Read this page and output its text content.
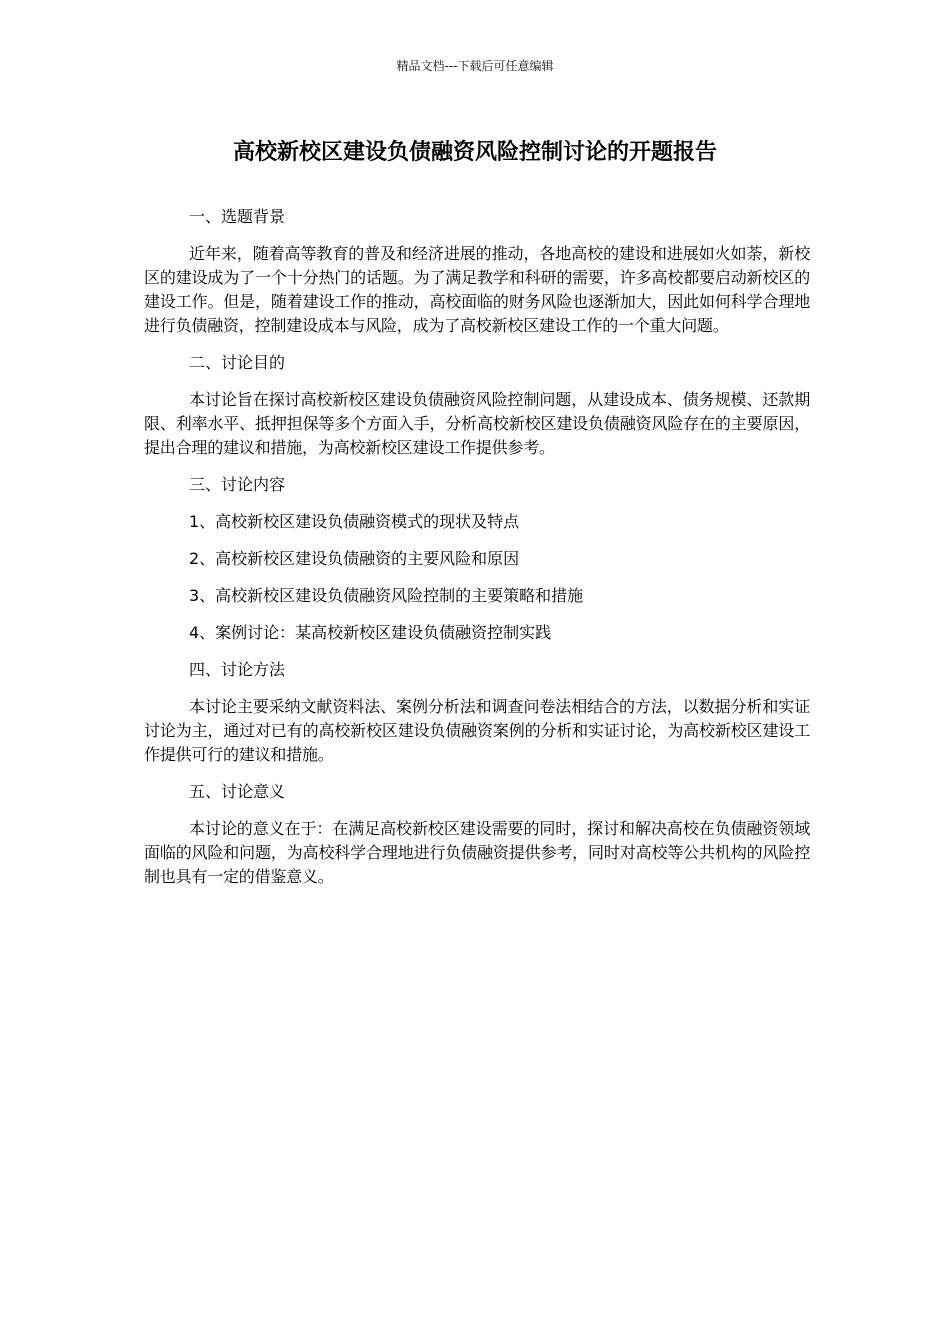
精品文档---下载后可任意编辑
高校新校区建设负债融资风险控制讨论的开题报告

一、选题背景

近年来，随着高等教育的普及和经济进展的推动，各地高校的建设和进展如火如荼，新校区的建设成为了一个十分热门的话题。为了满足教学和科研的需要，许多高校都要启动新校区的建设工作。但是，随着建设工作的推动，高校面临的财务风险也逐渐加大，因此如何科学合理地进行负债融资，控制建设成本与风险，成为了高校新校区建设工作的一个重大问题。

二、讨论目的

本讨论旨在探讨高校新校区建设负债融资风险控制问题，从建设成本、债务规模、还款期限、利率水平、抵押担保等多个方面入手，分析高校新校区建设负债融资风险存在的主要原因，提出合理的建议和措施，为高校新校区建设工作提供参考。

三、讨论内容

1、高校新校区建设负债融资模式的现状及特点

2、高校新校区建设负债融资的主要风险和原因

3、高校新校区建设负债融资风险控制的主要策略和措施

4、案例讨论：某高校新校区建设负债融资控制实践

四、讨论方法

本讨论主要采纳文献资料法、案例分析法和调查问卷法相结合的方法，以数据分析和实证讨论为主，通过对已有的高校新校区建设负债融资案例的分析和实证讨论，为高校新校区建设工作提供可行的建议和措施。

五、讨论意义

本讨论的意义在于：在满足高校新校区建设需要的同时，探讨和解决高校在负债融资领域面临的风险和问题，为高校科学合理地进行负债融资提供参考，同时对高校等公共机构的风险控制也具有一定的借鉴意义。
